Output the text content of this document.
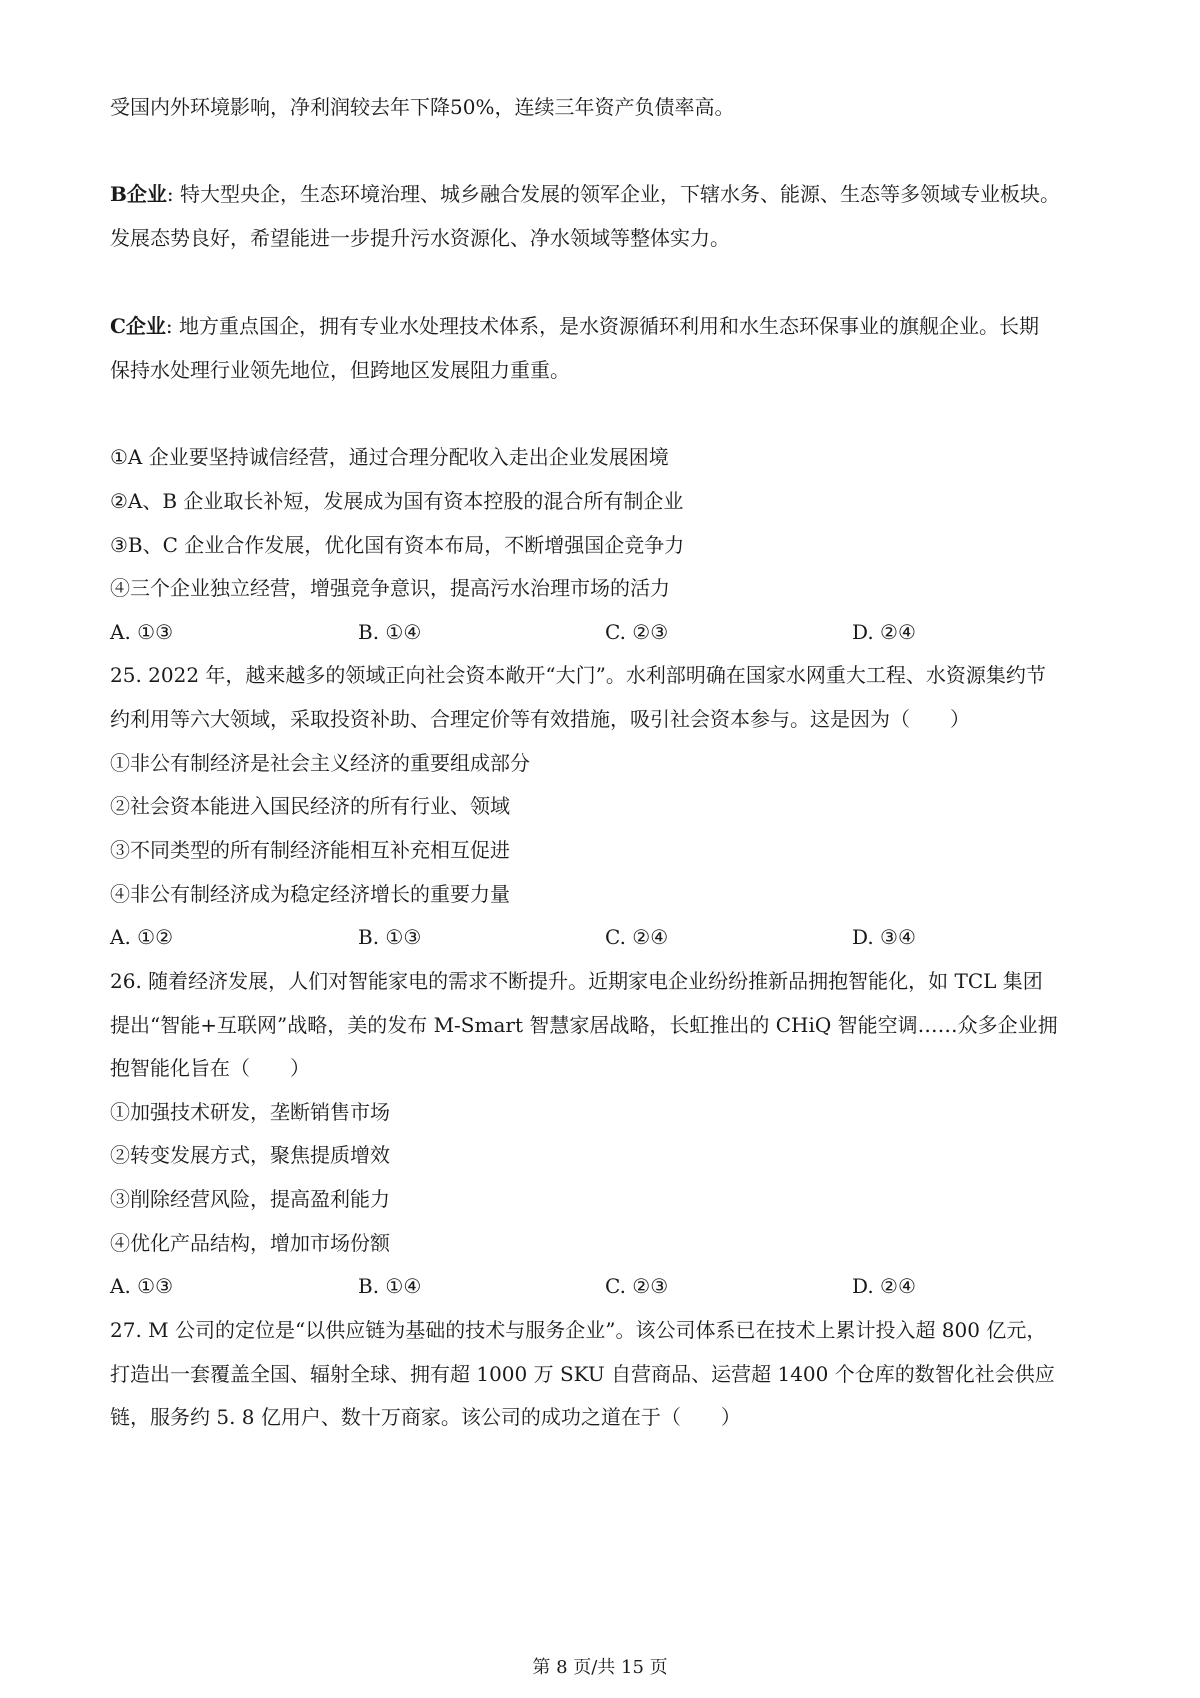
受国内外环境影响，净利润较去年下降50%，连续三年资产负债率高。
B企业: 特大型央企，生态环境治理、城乡融合发展的领军企业，下辖水务、能源、生态等多领域专业板块。
发展态势良好，希望能进一步提升污水资源化、净水领域等整体实力。
C企业: 地方重点国企，拥有专业水处理技术体系，是水资源循环利用和水生态环保事业的旗舰企业。长期
保持水处理行业领先地位，但跨地区发展阻力重重。
①A 企业要坚持诚信经营，通过合理分配收入走出企业发展困境
②A、B 企业取长补短，发展成为国有资本控股的混合所有制企业
③B、C 企业合作发展，优化国有资本布局，不断增强国企竞争力
④三个企业独立经营，增强竞争意识，提高污水治理市场的活力
A. ①③	B. ①④	C. ②③	D. ②④
25. 2022 年，越来越多的领域正向社会资本敞开“大门”。水利部明确在国家水网重大工程、水资源集约节
约利用等六大领域，采取投资补助、合理定价等有效措施，吸引社会资本参与。这是因为（　　）
①非公有制经济是社会主义经济的重要组成部分
②社会资本能进入国民经济的所有行业、领域
③不同类型的所有制经济能相互补充相互促进
④非公有制经济成为稳定经济增长的重要力量
A. ①②	B. ①③	C. ②④	D. ③④
26. 随着经济发展，人们对智能家电的需求不断提升。近期家电企业纷纷推新品拥抱智能化，如 TCL 集团
提出“智能+互联网”战略，美的发布 M-Smart 智慧家居战略，长虹推出的 CHiQ 智能空调……众多企业拥
抱智能化旨在（　　）
①加强技术研发，垄断销售市场
②转变发展方式，聚焦提质增效
③削除经营风险，提高盈利能力
④优化产品结构，增加市场份额
A. ①③	B. ①④	C. ②③	D. ②④
27. M 公司的定位是“以供应链为基础的技术与服务企业”。该公司体系已在技术上累计投入超 800 亿元，
打造出一套覆盖全国、辐射全球、拥有超 1000 万 SKU 自营商品、运营超 1400 个仓库的数智化社会供应
链，服务约 5. 8 亿用户、数十万商家。该公司的成功之道在于（　　）
第 8 页/共 15 页
